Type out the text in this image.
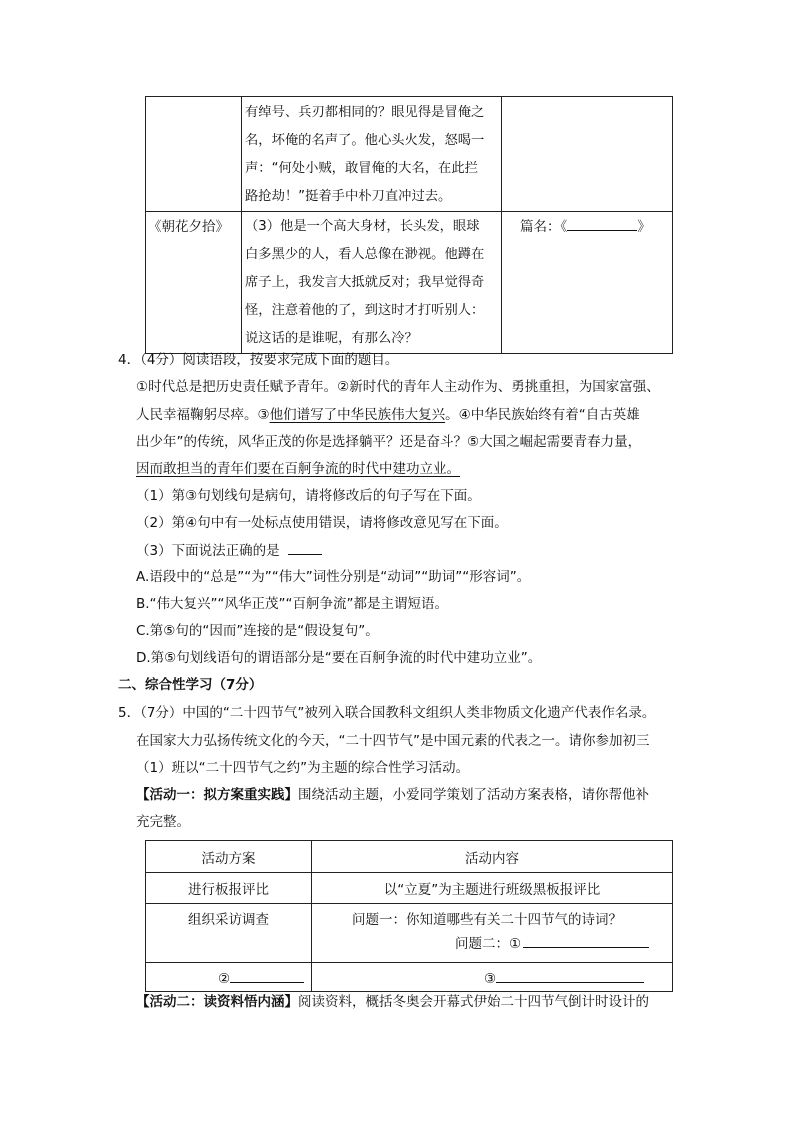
	有绰号、兵刃都相同的？眼见得是冒俺之
名，坏俺的名声了。他心头火发，怒喝一
声：“何处小贼，敢冒俺的大名，在此拦
路抢劫！”挺着手中朴刀直冲过去。	

《朝花夕拾》	（3）他是一个高大身材，长头发，眼球
白多黑少的人，看人总像在渺视。他蹲在
席子上，我发言大抵就反对；我早觉得奇
怪，注意着他的了，到这时才打听别人：
说这话的是谁呢，有那么冷？	篇名：《 》
4．（4分）阅读语段，按要求完成下面的题目。
①时代总是把历史责任赋予青年。②新时代的青年人主动作为、勇挑重担，为国家富强、
人民幸福鞠躬尽瘁。③他们谱写了中华民族伟大复兴。④中华民族始终有着“自古英雄
出少年”的传统，风华正茂的你是选择躺平？还是奋斗？⑤大国之崛起需要青春力量，
因而敢担当的青年们要在百舸争流的时代中建功立业。
（1）第③句划线句是病句，请将修改后的句子写在下面。
（2）第④句中有一处标点使用错误，请将修改意见写在下面。
（3）下面说法正确的是
A.语段中的“总是”“为”“伟大”词性分别是“动词”“助词”“形容词”。
B.“伟大复兴”“风华正茂”“百舸争流”都是主谓短语。
C.第⑤句的“因而”连接的是“假设复句”。
D.第⑤句划线语句的谓语部分是“要在百舸争流的时代中建功立业”。
二、综合性学习（7分）
5．（7分）中国的“二十四节气”被列入联合国教科文组织人类非物质文化遗产代表作名录。
在国家大力弘扬传统文化的今天，“二十四节气”是中国元素的代表之一。请你参加初三
（1）班以“二十四节气之约”为主题的综合性学习活动。
【活动一：拟方案重实践】围绕活动主题，小爱同学策划了活动方案表格，请你帮他补
充完整。
活动方案	活动内容
进行板报评比	以“立夏”为主题进行班级黑板报评比
组织采访调查	问题一：你知道哪些有关二十四节气的诗词？
问题二：①

②	③
【活动二：读资料悟内涵】阅读资料，概括冬奥会开幕式伊始二十四节气倒计时设计的
